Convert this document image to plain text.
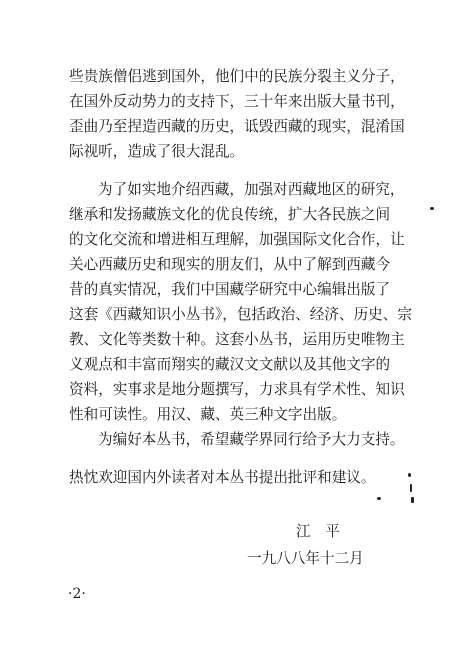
些贵族僧侣逃到国外，他们中的民族分裂主义分子，
在国外反动势力的支持下，三十年来出版大量书刊，
歪曲乃至捏造西藏的历史，诋毁西藏的现实，混淆国
际视听，造成了很大混乱。
为了如实地介绍西藏，加强对西藏地区的研究，
继承和发扬藏族文化的优良传统，扩大各民族之间
的文化交流和增进相互理解，加强国际文化合作，让
关心西藏历史和现实的朋友们，从中了解到西藏今
昔的真实情况，我们中国藏学研究中心编辑出版了
这套《西藏知识小丛书》，包括政治、经济、历史、宗
教、文化等类数十种。这套小丛书，运用历史唯物主
义观点和丰富而翔实的藏汉文文献以及其他文字的
资料，实事求是地分题撰写，力求具有学术性、知识
性和可读性。用汉、藏、英三种文字出版。
为编好本丛书，希望藏学界同行给予大力支持。
热忱欢迎国内外读者对本丛书提出批评和建议。
江　平
一九八八年十二月
·2·
